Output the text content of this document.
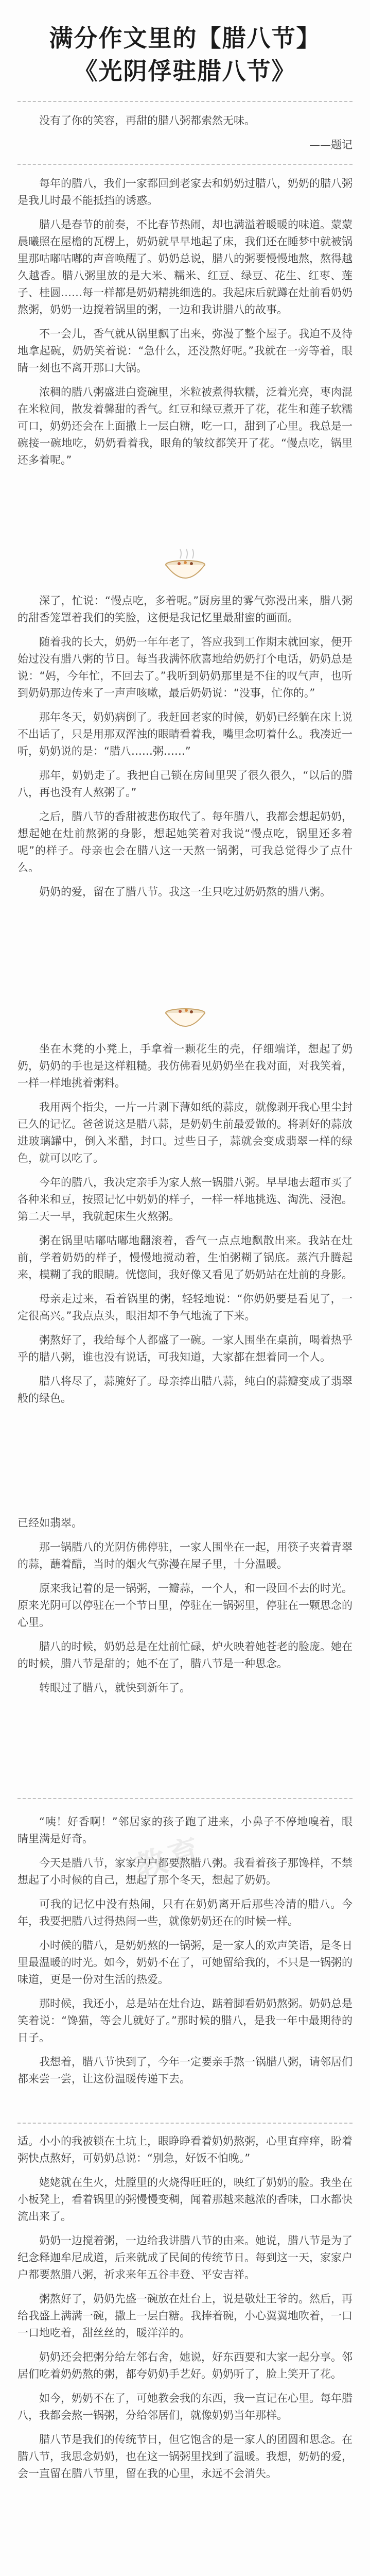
满分作文里的【腊八节】
《光阴俘驻腊八节》

没有了你的笑容，再甜的腊八粥都索然无味。

——题记

每年的腊八，我们一家都回到老家去和奶奶过腊八，奶奶的腊八粥是我儿时最不能抵挡的诱惑。

腊八是春节的前奏，不比春节热闹，却也满溢着暖暖的味道。蒙蒙晨曦照在屋檐的瓦楞上，奶奶就早早地起了床，我们还在睡梦中就被锅里那咕嘟咕嘟的声音唤醒了。奶奶总说，腊八的粥要慢慢地熬，熬得越久越香。腊八粥里放的是大米、糯米、红豆、绿豆、花生、红枣、莲子、桂圆……每一样都是奶奶精挑细选的。我起床后就蹲在灶前看奶奶熬粥，奶奶一边搅着锅里的粥，一边和我讲腊八的故事。

不一会儿，香气就从锅里飘了出来，弥漫了整个屋子。我迫不及待地拿起碗，奶奶笑着说：“急什么，还没熬好呢。”我就在一旁等着，眼睛一刻也不离开那口大锅。

浓稠的腊八粥盛进白瓷碗里，米粒被煮得软糯，泛着光亮，枣肉混在米粒间，散发着馨甜的香气。红豆和绿豆煮开了花，花生和莲子软糯可口，奶奶还会在上面撒上一层白糖，吃一口，甜到了心里。我总是一碗接一碗地吃，奶奶看着我，眼角的皱纹都笑开了花。“慢点吃，锅里还多着呢。”

深了，忙说：“慢点吃，多着呢。”厨房里的雾气弥漫出来，腊八粥的甜香笼罩着我们的笑脸，这便是我记忆里最甜蜜的画面。

随着我的长大，奶奶一年年老了，答应我到工作期末就回家，便开始过没有腊八粥的节日。每当我满怀欣喜地给奶奶打个电话，奶奶总是说：“妈，今年忙，不回去了。”我听到奶奶那里是不住的叹气声，也听到奶奶那边传来了一声声咳嗽，最后奶奶说：“没事，忙你的。”

那年冬天，奶奶病倒了。我赶回老家的时候，奶奶已经躺在床上说不出话了，只是用那双浑浊的眼睛看着我，嘴里念叨着什么。我凑近一听，奶奶说的是：“腊八……粥……”

那年，奶奶走了。我把自己锁在房间里哭了很久很久，“以后的腊八，再也没有人熬粥了。”

之后，腊八节的香甜被悲伤取代了。每年腊八，我都会想起奶奶，想起她在灶前熬粥的身影，想起她笑着对我说“慢点吃，锅里还多着呢”的样子。母亲也会在腊八这一天熬一锅粥，可我总觉得少了点什么。

奶奶的爱，留在了腊八节。我这一生只吃过奶奶熬的腊八粥。

坐在木凳的小凳上，手拿着一颗花生的壳，仔细端详，想起了奶奶，奶奶的手也是这样粗糙。我仿佛看见奶奶坐在我对面，对我笑着，一样一样地挑着粥料。

我用两个指尖，一片一片剥下薄如纸的蒜皮，就像剥开我心里尘封已久的记忆。爸爸说这是腊八蒜，是奶奶生前最爱做的。将剥好的蒜放进玻璃罐中，倒入米醋，封口。过些日子，蒜就会变成翡翠一样的绿色，就可以吃了。

今年的腊八，我决定亲手为家人熬一锅腊八粥。早早地去超市买了各种米和豆，按照记忆中奶奶的样子，一样一样地挑选、淘洗、浸泡。第二天一早，我就起床生火熬粥。

粥在锅里咕嘟咕嘟地翻滚着，香气一点点地飘散出来。我站在灶前，学着奶奶的样子，慢慢地搅动着，生怕粥糊了锅底。蒸汽升腾起来，模糊了我的眼睛。恍惚间，我好像又看见了奶奶站在灶前的身影。

母亲走过来，看着锅里的粥，轻轻地说：“你奶奶要是看见了，一定很高兴。”我点点头，眼泪却不争气地流了下来。

粥熬好了，我给每个人都盛了一碗。一家人围坐在桌前，喝着热乎乎的腊八粥，谁也没有说话，可我知道，大家都在想着同一个人。

腊八将尽了，蒜腌好了。母亲捧出腊八蒜，纯白的蒜瓣变成了翡翠般的绿色。

已经如翡翠。

那一锅腊八的光阴仿佛停驻，一家人围坐在一起，用筷子夹着青翠的蒜，蘸着醋，当时的烟火气弥漫在屋子里，十分温暖。

原来我记着的是一锅粥，一瓣蒜，一个人，和一段回不去的时光。原来光阴可以停驻在一个节日里，停驻在一锅粥里，停驻在一颗思念的心里。

腊八的时候，奶奶总是在灶前忙碌，炉火映着她苍老的脸庞。她在的时候，腊八节是甜的；她不在了，腊八节是一种思念。

转眼过了腊八，就快到新年了。

教育

“咦！好香啊！”邻居家的孩子跑了进来，小鼻子不停地嗅着，眼睛里满是好奇。

今天是腊八节，家家户户都要熬腊八粥。我看着孩子那馋样，不禁想起了小时候的自己，想起了那个冬天，想起了奶奶。

可我的记忆中没有热闹，只有在奶奶离开后那些冷清的腊八。今年，我要把腊八过得热闹一些，就像奶奶还在的时候一样。

小时候的腊八，是奶奶熬的一锅粥，是一家人的欢声笑语，是冬日里最温暖的时光。如今，奶奶不在了，可她留给我的，不只是一锅粥的味道，更是一份对生活的热爱。

那时候，我还小，总是站在灶台边，踮着脚看奶奶熬粥。奶奶总是笑着说：“馋猫，等会儿就好了。”那时候的腊八，是我一年中最期待的日子。

我想着，腊八节快到了，今年一定要亲手熬一锅腊八粥，请邻居们都来尝一尝，让这份温暖传递下去。

适。小小的我被锁在土坑上，眼睁睁看着奶奶熬粥，心里直痒痒，盼着粥快点熬好，可奶奶总说：“别急，好饭不怕晚。”

姥姥就在生火，灶膛里的火烧得旺旺的，映红了奶奶的脸。我坐在小板凳上，看着锅里的粥慢慢变稠，闻着那越来越浓的香味，口水都快流出来了。

奶奶一边搅着粥，一边给我讲腊八节的由来。她说，腊八节是为了纪念释迦牟尼成道，后来就成了民间的传统节日。每到这一天，家家户户都要熬腊八粥，祈求来年五谷丰登、平安吉祥。

粥熬好了，奶奶先盛一碗放在灶台上，说是敬灶王爷的。然后，再给我盛上满满一碗，撒上一层白糖。我捧着碗，小心翼翼地吹着，一口一口地吃着，甜丝丝的，暖洋洋的。

奶奶还会把粥分给左邻右舍，她说，好东西要和大家一起分享。邻居们吃着奶奶熬的粥，都夸奶奶手艺好。奶奶听了，脸上笑开了花。

如今，奶奶不在了，可她教会我的东西，我一直记在心里。每年腊八，我都会熬一锅粥，分给邻居们，就像奶奶当年那样。

腊八节是我们的传统节日，但它饱含的是一家人的团圆和思念。在腊八节，我思念奶奶，也在这一锅粥里找到了温暖。我想，奶奶的爱，会一直留在腊八节里，留在我的心里，永远不会消失。
